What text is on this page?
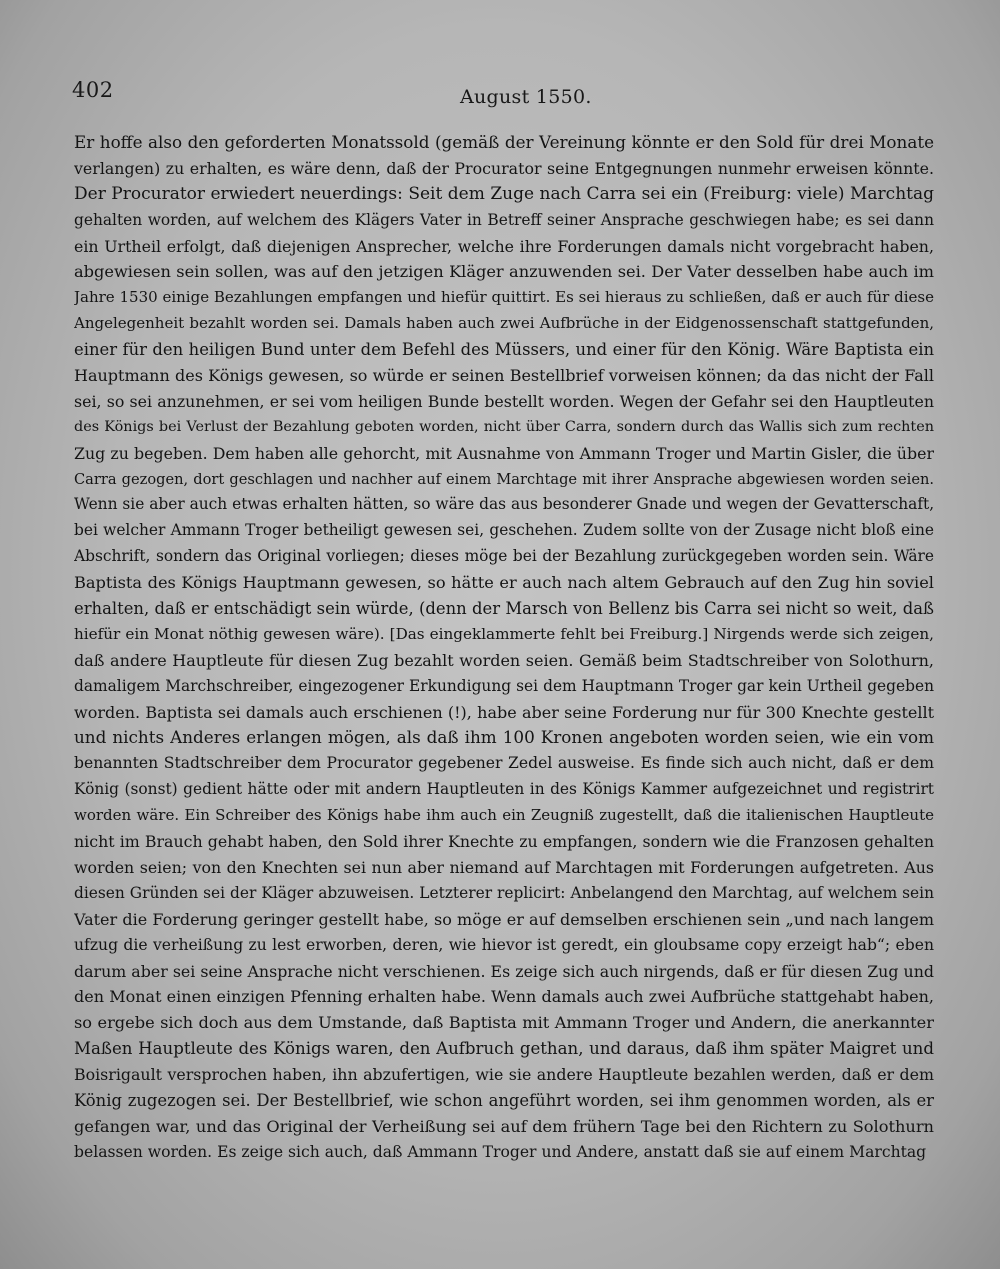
402	August 1550.
Er hoffe also den geforderten Monatssold (gemäß der Vereinung könnte er den Sold für drei Monate
verlangen) zu erhalten, es wäre denn, daß der Procurator seine Entgegnungen nunmehr erweisen könnte.
Der Procurator erwiedert neuerdings: Seit dem Zuge nach Carra sei ein (Freiburg: viele) Marchtag
gehalten worden, auf welchem des Klägers Vater in Betreff seiner Ansprache geschwiegen habe; es sei dann
ein Urtheil erfolgt, daß diejenigen Ansprecher, welche ihre Forderungen damals nicht vorgebracht haben,
abgewiesen sein sollen, was auf den jetzigen Kläger anzuwenden sei. Der Vater desselben habe auch im
Jahre 1530 einige Bezahlungen empfangen und hiefür quittirt. Es sei hieraus zu schließen, daß er auch für diese
Angelegenheit bezahlt worden sei. Damals haben auch zwei Aufbrüche in der Eidgenossenschaft stattgefunden,
einer für den heiligen Bund unter dem Befehl des Müssers, und einer für den König. Wäre Baptista ein
Hauptmann des Königs gewesen, so würde er seinen Bestellbrief vorweisen können; da das nicht der Fall
sei, so sei anzunehmen, er sei vom heiligen Bunde bestellt worden. Wegen der Gefahr sei den Hauptleuten
des Königs bei Verlust der Bezahlung geboten worden, nicht über Carra, sondern durch das Wallis sich zum rechten
Zug zu begeben. Dem haben alle gehorcht, mit Ausnahme von Ammann Troger und Martin Gisler, die über
Carra gezogen, dort geschlagen und nachher auf einem Marchtage mit ihrer Ansprache abgewiesen worden seien.
Wenn sie aber auch etwas erhalten hätten, so wäre das aus besonderer Gnade und wegen der Gevatterschaft,
bei welcher Ammann Troger betheiligt gewesen sei, geschehen. Zudem sollte von der Zusage nicht bloß eine
Abschrift, sondern das Original vorliegen; dieses möge bei der Bezahlung zurückgegeben worden sein. Wäre
Baptista des Königs Hauptmann gewesen, so hätte er auch nach altem Gebrauch auf den Zug hin soviel
erhalten, daß er entschädigt sein würde, (denn der Marsch von Bellenz bis Carra sei nicht so weit, daß
hiefür ein Monat nöthig gewesen wäre). [Das eingeklammerte fehlt bei Freiburg.] Nirgends werde sich zeigen,
daß andere Hauptleute für diesen Zug bezahlt worden seien. Gemäß beim Stadtschreiber von Solothurn,
damaligem Marchschreiber, eingezogener Erkundigung sei dem Hauptmann Troger gar kein Urtheil gegeben
worden. Baptista sei damals auch erschienen (!), habe aber seine Forderung nur für 300 Knechte gestellt
und nichts Anderes erlangen mögen, als daß ihm 100 Kronen angeboten worden seien, wie ein vom
benannten Stadtschreiber dem Procurator gegebener Zedel ausweise. Es finde sich auch nicht, daß er dem
König (sonst) gedient hätte oder mit andern Hauptleuten in des Königs Kammer aufgezeichnet und registrirt
worden wäre. Ein Schreiber des Königs habe ihm auch ein Zeugniß zugestellt, daß die italienischen Hauptleute
nicht im Brauch gehabt haben, den Sold ihrer Knechte zu empfangen, sondern wie die Franzosen gehalten
worden seien; von den Knechten sei nun aber niemand auf Marchtagen mit Forderungen aufgetreten. Aus
diesen Gründen sei der Kläger abzuweisen. Letzterer replicirt: Anbelangend den Marchtag, auf welchem sein
Vater die Forderung geringer gestellt habe, so möge er auf demselben erschienen sein „und nach langem
ufzug die verheißung zu lest erworben, deren, wie hievor ist geredt, ein gloubsame copy erzeigt hab“; eben
darum aber sei seine Ansprache nicht verschienen. Es zeige sich auch nirgends, daß er für diesen Zug und
den Monat einen einzigen Pfenning erhalten habe. Wenn damals auch zwei Aufbrüche stattgehabt haben,
so ergebe sich doch aus dem Umstande, daß Baptista mit Ammann Troger und Andern, die anerkannter
Maßen Hauptleute des Königs waren, den Aufbruch gethan, und daraus, daß ihm später Maigret und
Boisrigault versprochen haben, ihn abzufertigen, wie sie andere Hauptleute bezahlen werden, daß er dem
König zugezogen sei. Der Bestellbrief, wie schon angeführt worden, sei ihm genommen worden, als er
gefangen war, und das Original der Verheißung sei auf dem frühern Tage bei den Richtern zu Solothurn
belassen worden. Es zeige sich auch, daß Ammann Troger und Andere, anstatt daß sie auf einem Marchtag
